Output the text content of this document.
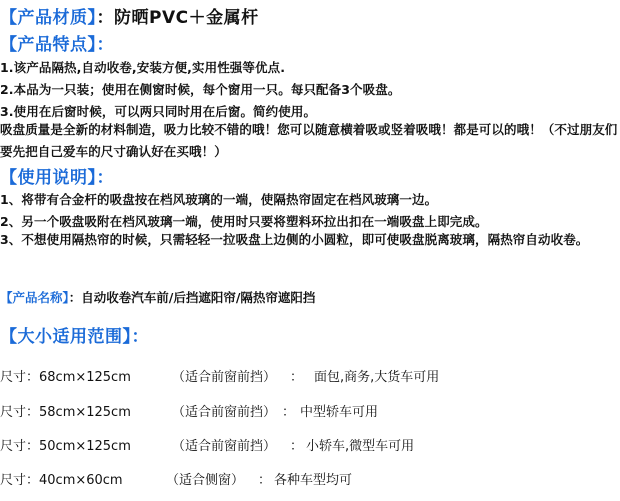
【产品材质】：防晒PVC＋金属杆
【产品特点】：
1.该产品隔热,自动收卷,安装方便,实用性强等优点.
2.本品为一只装；使用在侧窗时候，每个窗用一只。每只配备3个吸盘。
3.使用在后窗时候，可以两只同时用在后窗。简约使用。
吸盘质量是全新的材料制造，吸力比较不错的哦！您可以随意横着吸或竖着吸哦！都是可以的哦！（不过朋友们要先把自己爱车的尺寸确认好在买哦！）
【使用说明】：
1、将带有合金杆的吸盘按在档风玻璃的一端，使隔热帘固定在档风玻璃一边。
2、另一个吸盘吸附在档风玻璃一端，使用时只要将塑料环拉出扣在一端吸盘上即完成。
3、不想使用隔热帘的时候，只需轻轻一拉吸盘上边侧的小圆粒，即可使吸盘脱离玻璃，隔热帘自动收卷。
【产品名称】：自动收卷汽车前/后挡遮阳帘/隔热帘遮阳挡
【大小适用范围】：
尺寸：68cm×125cm	（适合前窗前挡） ： 面包,商务,大货车可用
尺寸：58cm×125cm	（适合前窗前挡） ： 中型轿车可用
尺寸：50cm×125cm	（适合前窗前挡） ： 小轿车,微型车可用
尺寸：40cm×60cm	（适合侧窗） ： 各种车型均可
